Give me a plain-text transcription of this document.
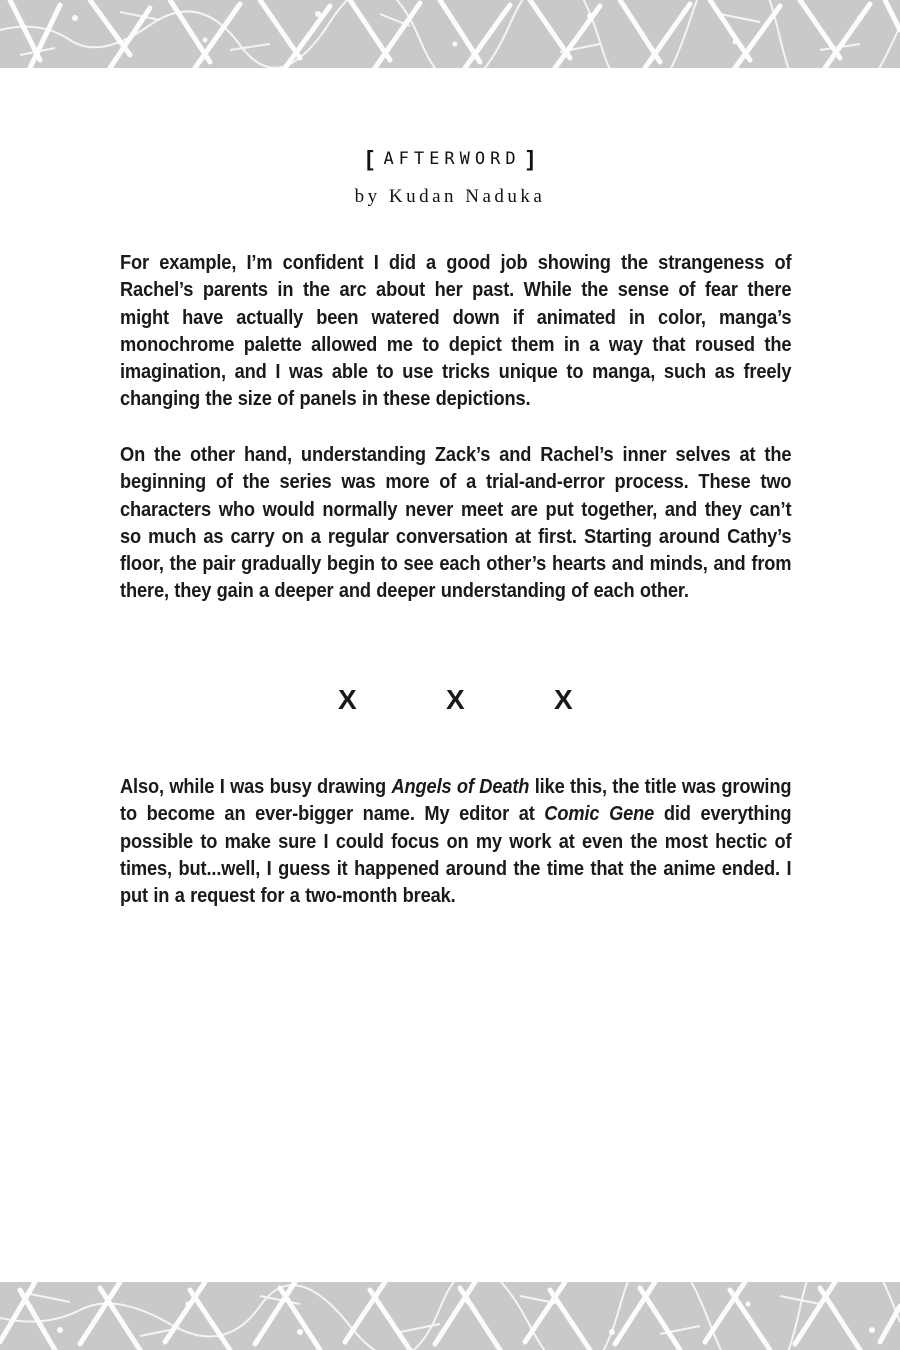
[ AFTERWORD ]
by Kudan Naduka

For example, I’m confident I did a good job showing the strangeness of Rachel’s parents in the arc about her past. While the sense of fear there might have actually been watered down if animated in color, manga’s monochrome palette allowed me to depict them in a way that roused the imagination, and I was able to use tricks unique to manga, such as freely changing the size of panels in these depictions.

On the other hand, understanding Zack’s and Rachel’s inner selves at the beginning of the series was more of a trial-and-error process. These two characters who would normally never meet are put together, and they can’t so much as carry on a regular conversation at first. Starting around Cathy’s floor, the pair gradually begin to see each other’s hearts and minds, and from there, they gain a deeper and deeper understanding of each other.

X	X	X

Also, while I was busy drawing Angels of Death like this, the title was growing to become an ever-bigger name. My editor at Comic Gene did everything possible to make sure I could focus on my work at even the most hectic of times, but...well, I guess it happened around the time that the anime ended. I put in a request for a two-month break.
